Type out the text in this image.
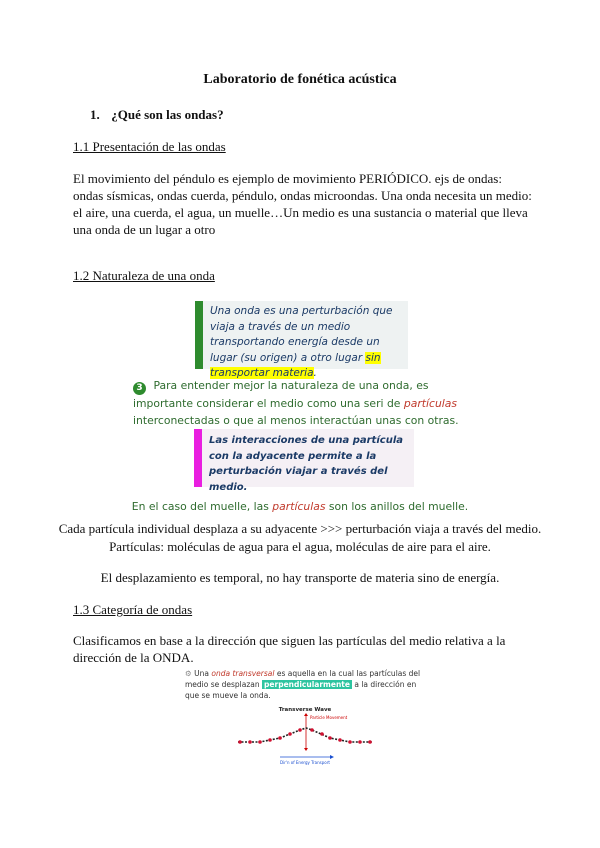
Laboratorio de fonética acústica
1. ¿Qué son las ondas?
1.1 Presentación de las ondas
El movimiento del péndulo es ejemplo de movimiento PERIÓDICO. ejs de ondas: ondas sísmicas, ondas cuerda, péndulo, ondas microondas. Una onda necesita un medio: el aire, una cuerda, el agua, un muelle…Un medio es una sustancia o material que lleva una onda de un lugar a otro
1.2 Naturaleza de una onda
Una onda es una perturbación que viaja a través de un medio transportando energía desde un lugar (su origen) a otro lugar sin transportar materia.
3 Para entender mejor la naturaleza de una onda, es importante considerar el medio como una seri de partículas interconectadas o que al menos interactúan unas con otras.
Las interacciones de una partícula con la adyacente permite a la perturbación viajar a través del medio.
En el caso del muelle, las partículas son los anillos del muelle.
Cada partícula individual desplaza a su adyacente >>> perturbación viaja a través del medio.
Partículas: moléculas de agua para el agua, moléculas de aire para el aire.
El desplazamiento es temporal, no hay transporte de materia sino de energía.
1.3 Categoría de ondas
Clasificamos en base a la dirección que siguen las partículas del medio relativa a la dirección de la ONDA.
⚙ Una onda transversal es aquella en la cual las partículas del medio se desplazan perpendicularmente a la dirección en que se mueve la onda.
Transverse Wave
Particle Movement
Dir'n of Energy Transport
